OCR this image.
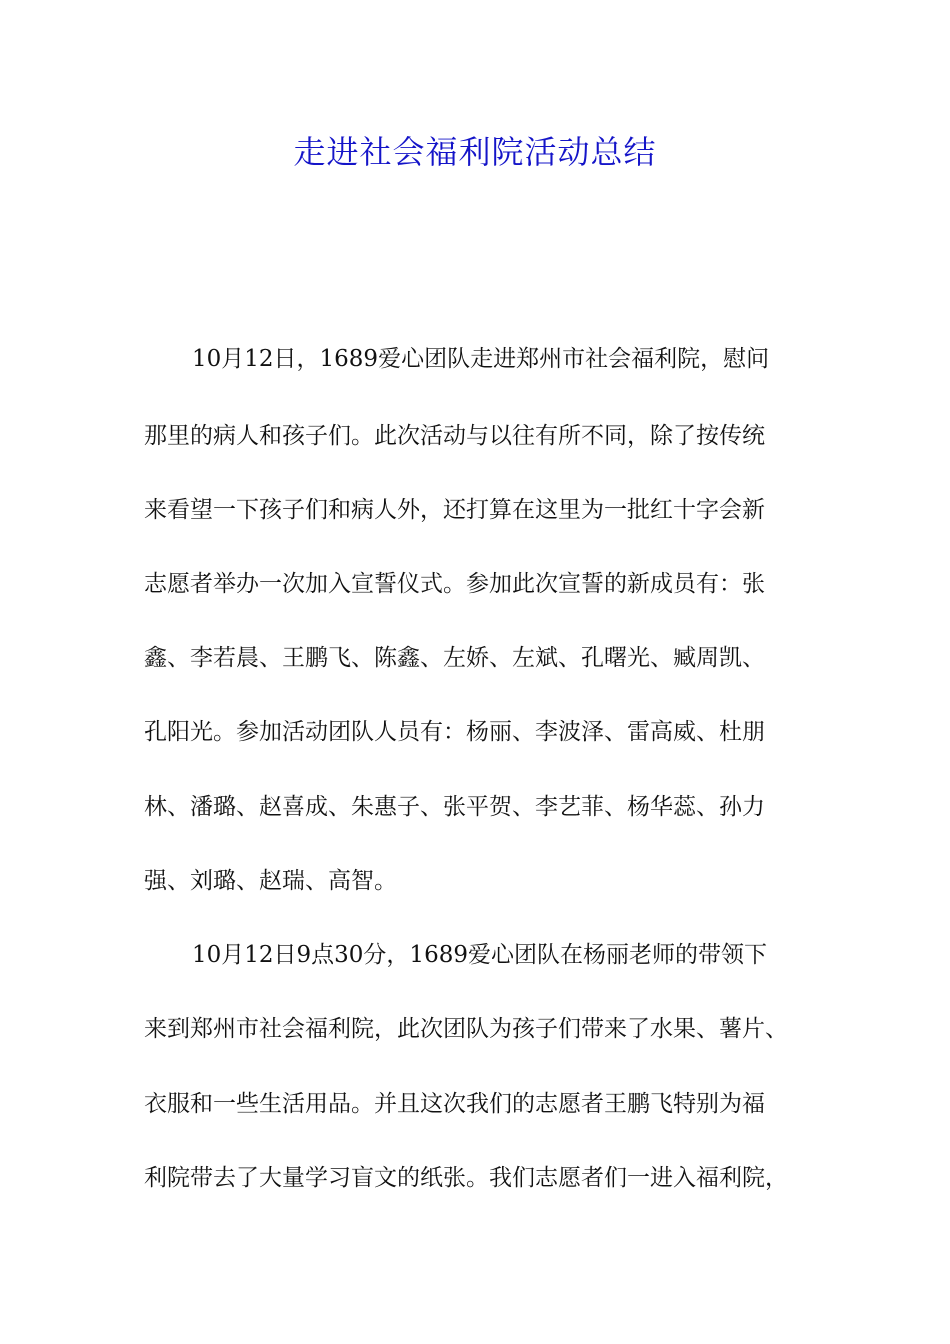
走进社会福利院活动总结
10月12日，1689爱心团队走进郑州市社会福利院，慰问
那里的病人和孩子们。此次活动与以往有所不同，除了按传统
来看望一下孩子们和病人外，还打算在这里为一批红十字会新
志愿者举办一次加入宣誓仪式。参加此次宣誓的新成员有：张
鑫、李若晨、王鹏飞、陈鑫、左娇、左斌、孔曙光、臧周凯、
孔阳光。参加活动团队人员有：杨丽、李波泽、雷高威、杜朋
林、潘璐、赵喜成、朱惠子、张平贺、李艺菲、杨华蕊、孙力
强、刘璐、赵瑞、高智。
10月12日9点30分，1689爱心团队在杨丽老师的带领下
来到郑州市社会福利院，此次团队为孩子们带来了水果、薯片、
衣服和一些生活用品。并且这次我们的志愿者王鹏飞特别为福
利院带去了大量学习盲文的纸张。我们志愿者们一进入福利院，
